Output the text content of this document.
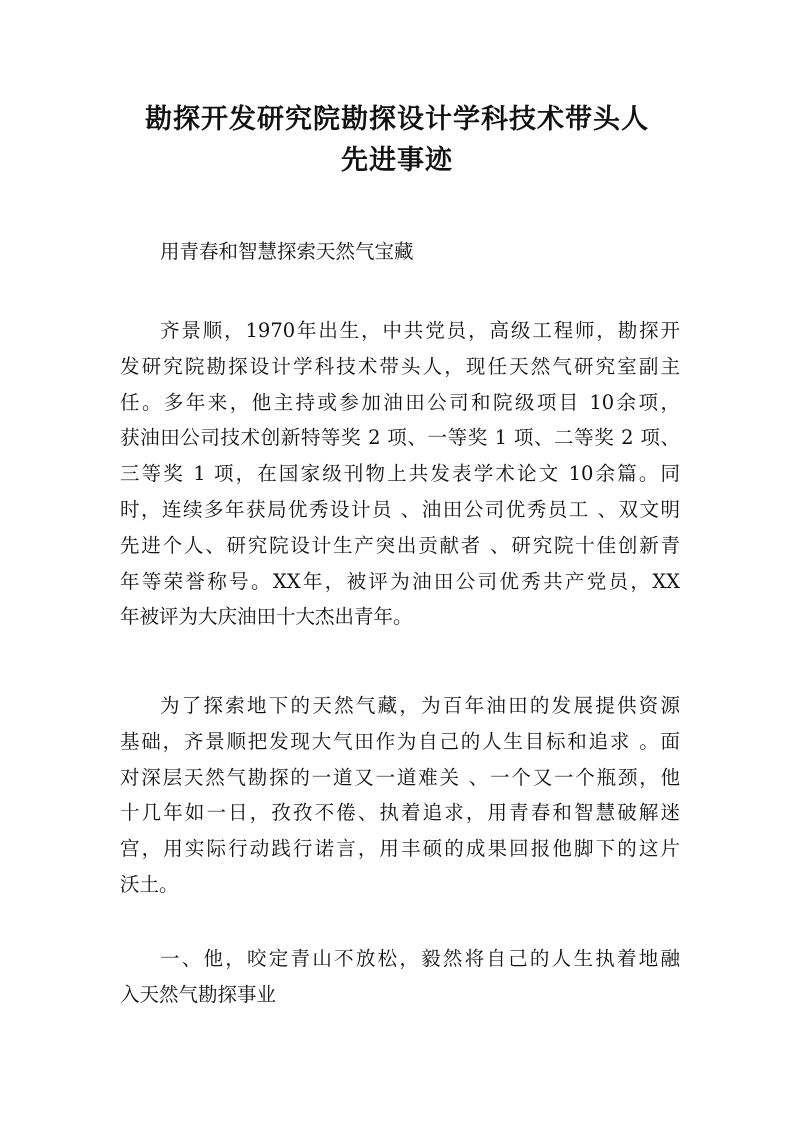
勘探开发研究院勘探设计学科技术带头人
先进事迹
用青春和智慧探索天然气宝藏
齐景顺，1970年出生，中共党员，高级工程师，勘探开
发研究院勘探设计学科技术带头人，现任天然气研究室副主
任。多年来，他主持或参加油田公司和院级项目 10余项，
获油田公司技术创新特等奖 2 项、一等奖 1 项、二等奖 2 项、
三等奖 1 项，在国家级刊物上共发表学术论文 10余篇。同
时，连续多年获局优秀设计员 、油田公司优秀员工 、双文明
先进个人、研究院设计生产突出贡献者 、研究院十佳创新青
年等荣誉称号。XX年，被评为油田公司优秀共产党员，XX
年被评为大庆油田十大杰出青年。
为了探索地下的天然气藏，为百年油田的发展提供资源
基础，齐景顺把发现大气田作为自己的人生目标和追求 。面
对深层天然气勘探的一道又一道难关 、一个又一个瓶颈，他
十几年如一日，孜孜不倦、执着追求，用青春和智慧破解迷
宫，用实际行动践行诺言，用丰硕的成果回报他脚下的这片
沃土。
一、他，咬定青山不放松，毅然将自己的人生执着地融
入天然气勘探事业
